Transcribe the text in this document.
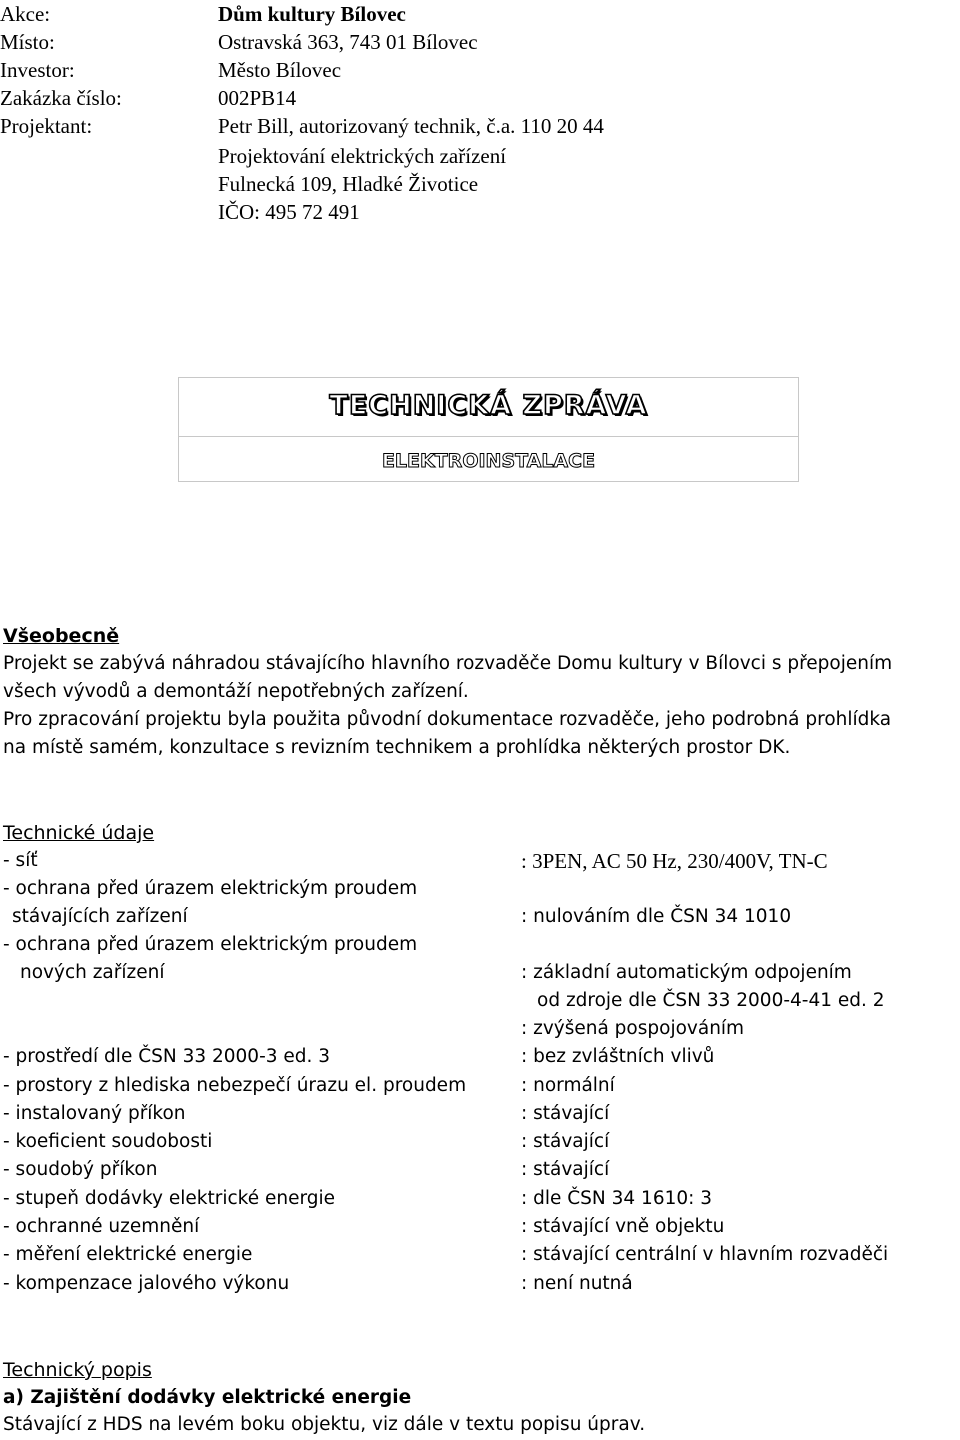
Akce:	Dům kultury Bílovec
Místo:	Ostravská 363, 743 01 Bílovec
Investor:	Město Bílovec
Zakázka číslo:	002PB14
Projektant:	Petr Bill, autorizovaný technik, č.a. 110 20 44
Projektování elektrických zařízení
Fulnecká 109, Hladké Životice
IČO: 495 72 491
TECHNICKÁ ZPRÁVA
ELEKTROINSTALACE
Všeobecně
Projekt se zabývá náhradou stávajícího hlavního rozvaděče Domu kultury v Bílovci s přepojením
všech vývodů a demontáží nepotřebných zařízení.
Pro zpracování projektu byla použita původní dokumentace rozvaděče, jeho podrobná prohlídka
na místě samém, konzultace s revizním technikem a prohlídka některých prostor DK.
Technické údaje
- síť	: 3PEN, AC 50 Hz, 230/400V, TN-C
- ochrana před úrazem elektrickým proudem
stávajících zařízení	: nulováním dle ČSN 34 1010
- ochrana před úrazem elektrickým proudem
nových zařízení	: základní automatickým odpojením
od zdroje dle ČSN 33 2000-4-41 ed. 2
: zvýšená pospojováním
- prostředí dle ČSN 33 2000-3 ed. 3	: bez zvláštních vlivů
- prostory z hlediska nebezpečí úrazu el. proudem	: normální
- instalovaný příkon	: stávající
- koeficient soudobosti	: stávající
- soudobý příkon	: stávající
- stupeň dodávky elektrické energie	: dle ČSN 34 1610: 3
- ochranné uzemnění	: stávající vně objektu
- měření elektrické energie	: stávající centrální v hlavním rozvaděči
- kompenzace jalového výkonu	: není nutná
Technický popis
a) Zajištění dodávky elektrické energie
Stávající z HDS na levém boku objektu, viz dále v textu popisu úprav.
